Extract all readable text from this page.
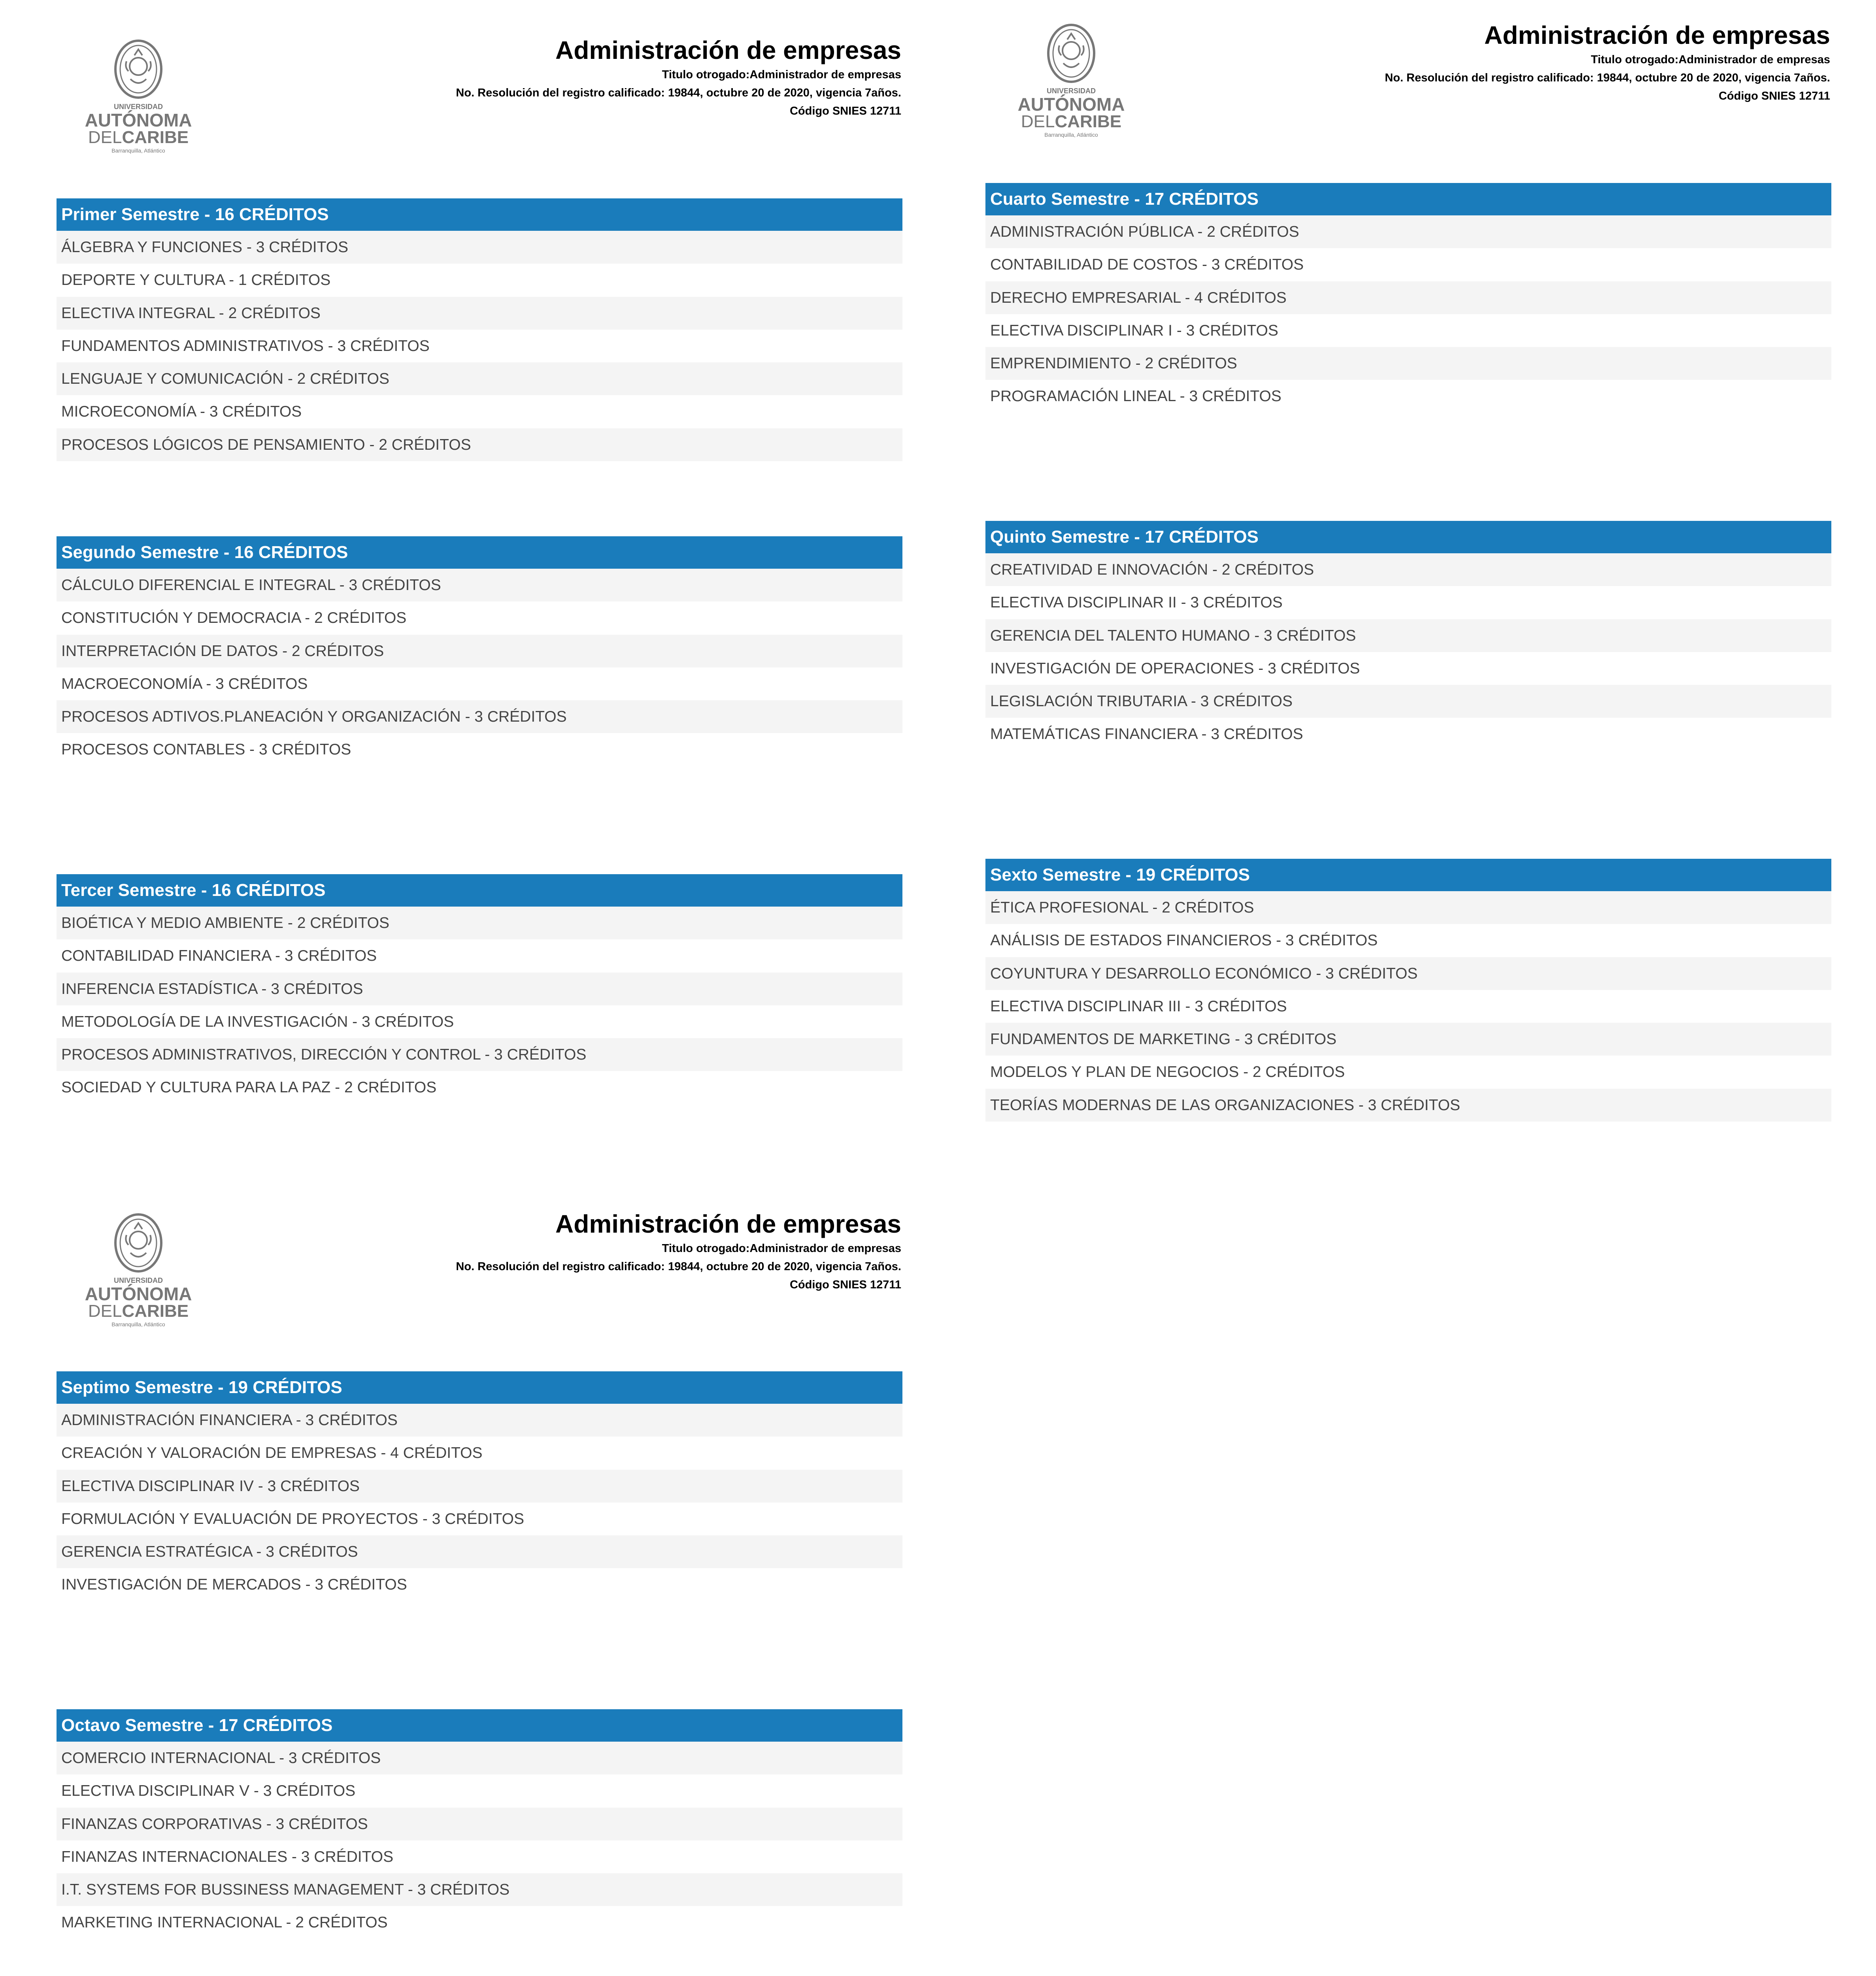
UNIVERSIDAD
AUTÓNOMA
DELCARIBE
Barranquilla, Atlántico
Administración de empresas
Titulo otrogado:Administrador de empresas
No. Resolución del registro calificado: 19844, octubre 20 de 2020, vigencia 7años.
Código SNIES 12711
UNIVERSIDAD
AUTÓNOMA
DELCARIBE
Barranquilla, Atlántico
Administración de empresas
Titulo otrogado:Administrador de empresas
No. Resolución del registro calificado: 19844, octubre 20 de 2020, vigencia 7años.
Código SNIES 12711
UNIVERSIDAD
AUTÓNOMA
DELCARIBE
Barranquilla, Atlántico
Administración de empresas
Titulo otrogado:Administrador de empresas
No. Resolución del registro calificado: 19844, octubre 20 de 2020, vigencia 7años.
Código SNIES 12711
Primer Semestre - 16 CRÉDITOS
ÁLGEBRA Y FUNCIONES - 3 CRÉDITOS
DEPORTE Y CULTURA - 1 CRÉDITOS
ELECTIVA INTEGRAL - 2 CRÉDITOS
FUNDAMENTOS ADMINISTRATIVOS - 3 CRÉDITOS
LENGUAJE Y COMUNICACIÓN - 2 CRÉDITOS
MICROECONOMÍA - 3 CRÉDITOS
PROCESOS LÓGICOS DE PENSAMIENTO - 2 CRÉDITOS
Segundo Semestre - 16 CRÉDITOS
CÁLCULO DIFERENCIAL E INTEGRAL - 3 CRÉDITOS
CONSTITUCIÓN Y DEMOCRACIA - 2 CRÉDITOS
INTERPRETACIÓN DE DATOS - 2 CRÉDITOS
MACROECONOMÍA - 3 CRÉDITOS
PROCESOS ADTIVOS.PLANEACIÓN Y ORGANIZACIÓN - 3 CRÉDITOS
PROCESOS CONTABLES - 3 CRÉDITOS
Tercer Semestre - 16 CRÉDITOS
BIOÉTICA Y MEDIO AMBIENTE - 2 CRÉDITOS
CONTABILIDAD FINANCIERA - 3 CRÉDITOS
INFERENCIA ESTADÍSTICA - 3 CRÉDITOS
METODOLOGÍA DE LA INVESTIGACIÓN - 3 CRÉDITOS
PROCESOS ADMINISTRATIVOS, DIRECCIÓN Y CONTROL - 3 CRÉDITOS
SOCIEDAD Y CULTURA PARA LA PAZ - 2 CRÉDITOS
Cuarto Semestre - 17 CRÉDITOS
ADMINISTRACIÓN PÚBLICA - 2 CRÉDITOS
CONTABILIDAD DE COSTOS - 3 CRÉDITOS
DERECHO EMPRESARIAL - 4 CRÉDITOS
ELECTIVA DISCIPLINAR I - 3 CRÉDITOS
EMPRENDIMIENTO - 2 CRÉDITOS
PROGRAMACIÓN LINEAL - 3 CRÉDITOS
Quinto Semestre - 17 CRÉDITOS
CREATIVIDAD E INNOVACIÓN - 2 CRÉDITOS
ELECTIVA DISCIPLINAR II - 3 CRÉDITOS
GERENCIA DEL TALENTO HUMANO - 3 CRÉDITOS
INVESTIGACIÓN DE OPERACIONES - 3 CRÉDITOS
LEGISLACIÓN TRIBUTARIA - 3 CRÉDITOS
MATEMÁTICAS FINANCIERA - 3 CRÉDITOS
Sexto Semestre - 19 CRÉDITOS
ÉTICA PROFESIONAL - 2 CRÉDITOS
ANÁLISIS DE ESTADOS FINANCIEROS - 3 CRÉDITOS
COYUNTURA Y DESARROLLO ECONÓMICO - 3 CRÉDITOS
ELECTIVA DISCIPLINAR III - 3 CRÉDITOS
FUNDAMENTOS DE MARKETING - 3 CRÉDITOS
MODELOS Y PLAN DE NEGOCIOS - 2 CRÉDITOS
TEORÍAS MODERNAS DE LAS ORGANIZACIONES - 3 CRÉDITOS
Septimo Semestre - 19 CRÉDITOS
ADMINISTRACIÓN FINANCIERA - 3 CRÉDITOS
CREACIÓN Y VALORACIÓN DE EMPRESAS - 4 CRÉDITOS
ELECTIVA DISCIPLINAR IV - 3 CRÉDITOS
FORMULACIÓN Y EVALUACIÓN DE PROYECTOS - 3 CRÉDITOS
GERENCIA ESTRATÉGICA - 3 CRÉDITOS
INVESTIGACIÓN DE MERCADOS - 3 CRÉDITOS
Octavo Semestre - 17 CRÉDITOS
COMERCIO INTERNACIONAL - 3 CRÉDITOS
ELECTIVA DISCIPLINAR V - 3 CRÉDITOS
FINANZAS CORPORATIVAS - 3 CRÉDITOS
FINANZAS INTERNACIONALES - 3 CRÉDITOS
I.T. SYSTEMS FOR BUSSINESS MANAGEMENT - 3 CRÉDITOS
MARKETING INTERNACIONAL - 2 CRÉDITOS
